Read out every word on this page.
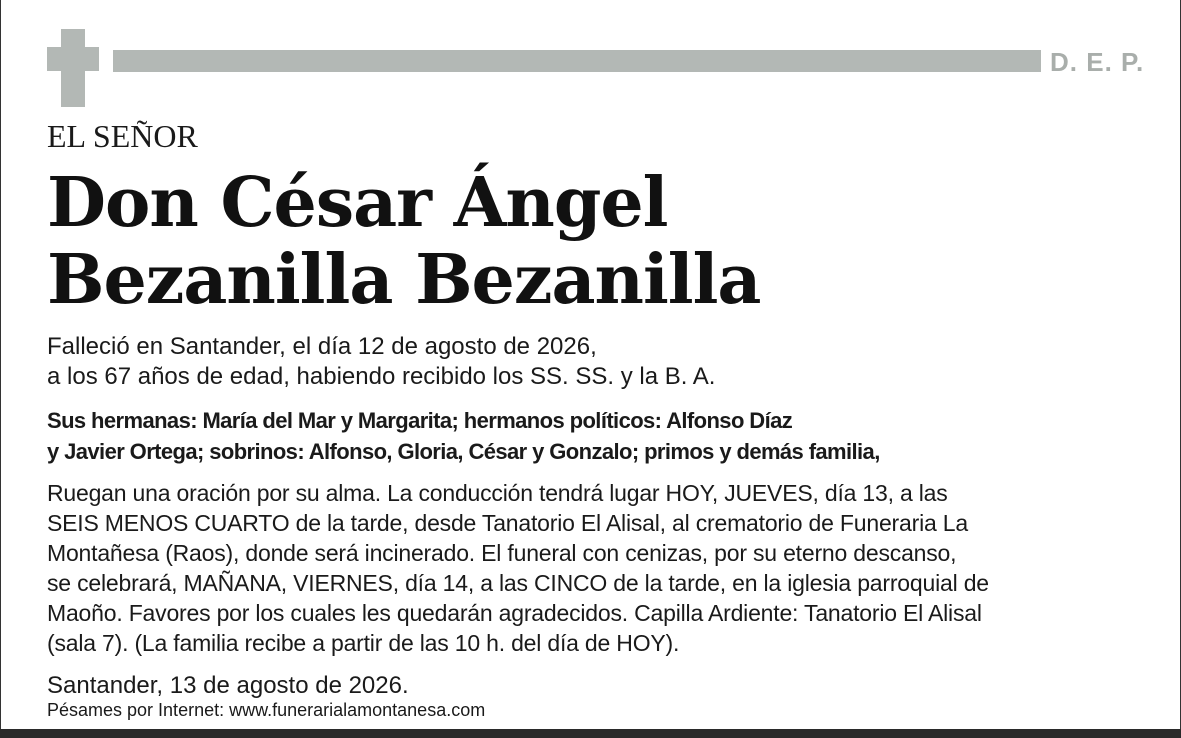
D. E. P.
EL SEÑOR
Don César Ángel
Bezanilla Bezanilla
Falleció en Santander, el día 12 de agosto de 2026,
a los 67 años de edad, habiendo recibido los SS. SS. y la B. A.
Sus hermanas: María del Mar y Margarita; hermanos políticos: Alfonso Díaz
y Javier Ortega; sobrinos: Alfonso, Gloria, César y Gonzalo; primos y demás familia,
Ruegan una oración por su alma. La conducción tendrá lugar HOY, JUEVES, día 13, a las
SEIS MENOS CUARTO de la tarde, desde Tanatorio El Alisal, al crematorio de Funeraria La
Montañesa (Raos), donde será incinerado. El funeral con cenizas, por su eterno descanso,
se celebrará, MAÑANA, VIERNES, día 14, a las CINCO de la tarde, en la iglesia parroquial de
Maoño. Favores por los cuales les quedarán agradecidos. Capilla Ardiente: Tanatorio El Alisal
(sala 7). (La familia recibe a partir de las 10 h. del día de HOY).
Santander, 13 de agosto de 2026.
Pésames por Internet: www.funerarialamontanesa.com
